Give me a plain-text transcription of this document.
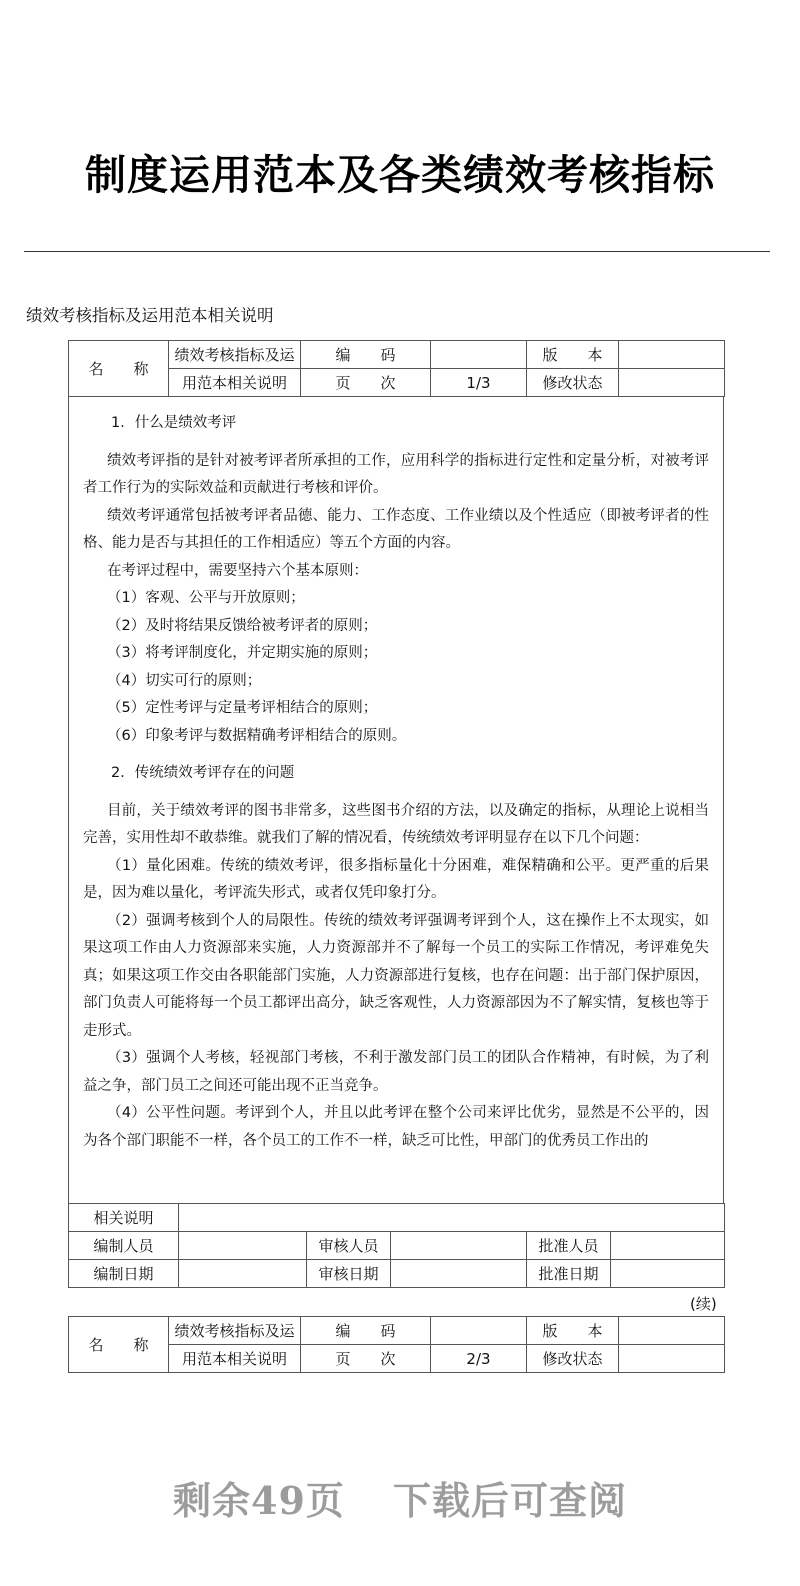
制度运用范本及各类绩效考核指标
绩效考核指标及运用范本相关说明
名　　称	绩效考核指标及运	编　　码		版　　本	
	用范本相关说明	页　　次	1/3	修改状态	

1．什么是绩效考评

绩效考评指的是针对被考评者所承担的工作，应用科学的指标进行定性和定量分析，对被考评者工作行为的实际效益和贡献进行考核和评价。

绩效考评通常包括被考评者品德、能力、工作态度、工作业绩以及个性适应（即被考评者的性格、能力是否与其担任的工作相适应）等五个方面的内容。

在考评过程中，需要坚持六个基本原则：

（1）客观、公平与开放原则；

（2）及时将结果反馈给被考评者的原则；

（3）将考评制度化，并定期实施的原则；

（4）切实可行的原则；

（5）定性考评与定量考评相结合的原则；

（6）印象考评与数据精确考评相结合的原则。

2．传统绩效考评存在的问题

目前，关于绩效考评的图书非常多，这些图书介绍的方法，以及确定的指标，从理论上说相当完善，实用性却不敢恭维。就我们了解的情况看，传统绩效考评明显存在以下几个问题：

（1）量化困难。传统的绩效考评，很多指标量化十分困难，难保精确和公平。更严重的后果是，因为难以量化，考评流失形式，或者仅凭印象打分。

（2）强调考核到个人的局限性。传统的绩效考评强调考评到个人，这在操作上不太现实，如果这项工作由人力资源部来实施，人力资源部并不了解每一个员工的实际工作情况，考评难免失真；如果这项工作交由各职能部门实施，人力资源部进行复核，也存在问题：出于部门保护原因，部门负责人可能将每一个员工都评出高分，缺乏客观性，人力资源部因为不了解实情，复核也等于走形式。

（3）强调个人考核，轻视部门考核，不利于激发部门员工的团队合作精神，有时候，为了利益之争，部门员工之间还可能出现不正当竞争。

（4）公平性问题。考评到个人，并且以此考评在整个公司来评比优劣，显然是不公平的，因为各个部门职能不一样，各个员工的工作不一样，缺乏可比性，甲部门的优秀员工作出的

相关说明					
编制人员		审核人员		批准人员	
编制日期		审核日期		批准日期	
(续)
名　　称	绩效考核指标及运	编　　码		版　　本	
	用范本相关说明	页　　次	2/3	修改状态	
剩余49页 下载后可查阅
